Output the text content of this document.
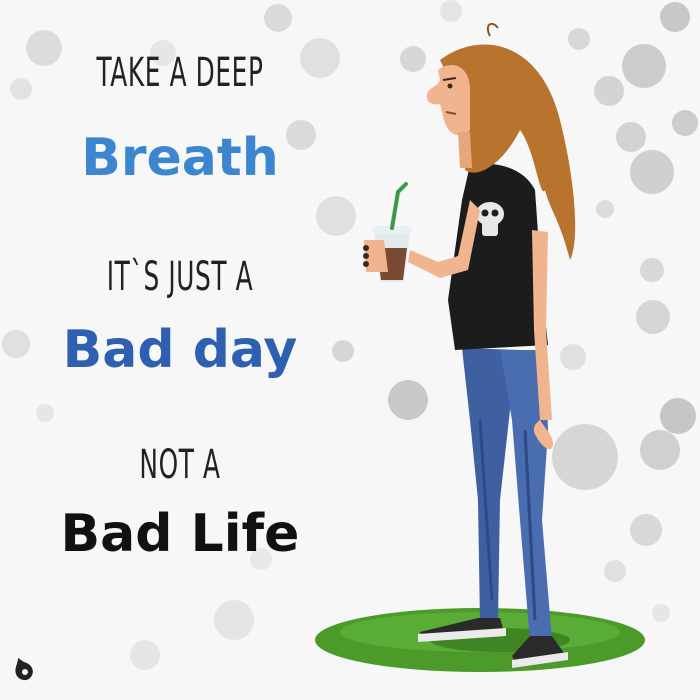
TAKE A DEEP
Breath
IT`S JUST A
Bad day
NOT A
Bad Life
